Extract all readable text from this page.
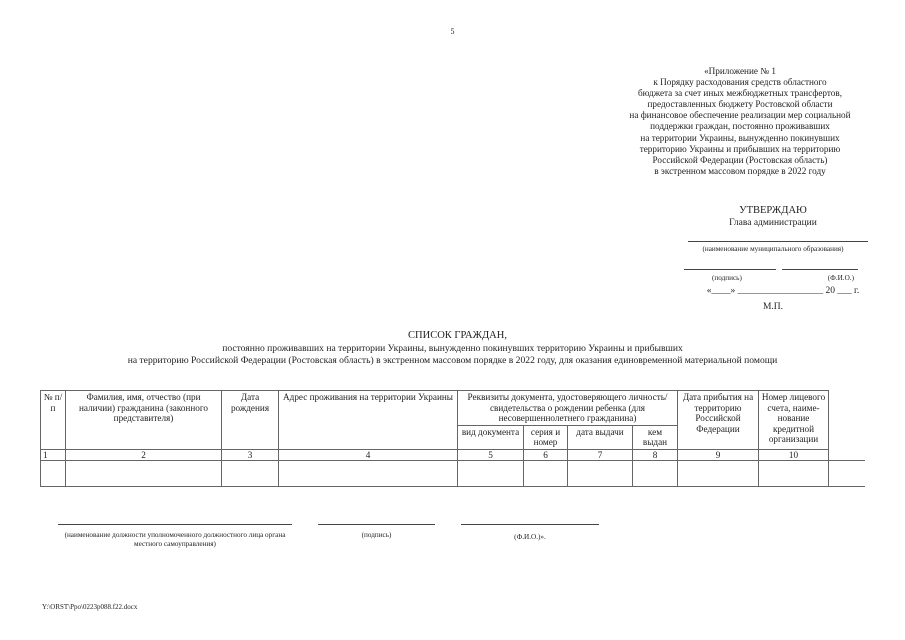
5
«Приложение № 1
к Порядку расходования средств областного
бюджета за счет иных межбюджетных трансфертов,
предоставленных бюджету Ростовской области
на финансовое обеспечение реализации мер социальной
поддержки граждан, постоянно проживавших
на территории Украины, вынужденно покинувших
территорию Украины и прибывших на территорию
Российской Федерации (Ростовская область)
в экстренном массовом порядке в 2022 году
УТВЕРЖДАЮ
Глава администрации
(наименование муниципального образования)
(подпись)	(Ф.И.О.)
«____» __________________ 20 ___ г.
М.П.
СПИСОК ГРАЖДАН,
постоянно проживавших на территории Украины, вынужденно покинувших территорию Украины и прибывших
на территорию Российской Федерации (Ростовская область) в экстренном массовом порядке в 2022 году, для оказания единовременной материальной помощи
№ п/п	Фамилия, имя, отчество (при наличии) гражданина (законного представителя)	Дата рождения	Адрес проживания на территории Украины	Реквизиты документа, удостоверяющего личность/ свидетельства о рождении ребенка (для несовершеннолетнего гражданина)				Дата прибытия на территорию Российской Федерации	Номер лицевого счета, наиме-нование кредитной организации	
				вид документа	серия и номер	дата выдачи	кем выдан			
1	2	3	4	5	6	7	8	9	10	

(наименование должности уполномоченного должностного лица органа местного самоуправления)
(подпись)	(Ф.И.О.)».
Y:\ORST\Ppo\0223p088.f22.docx
